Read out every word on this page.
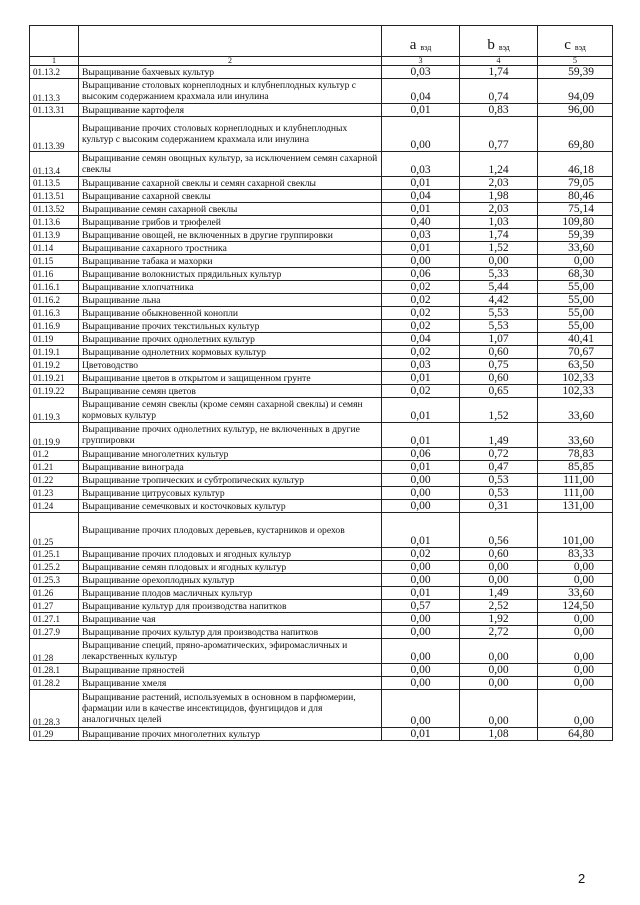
		a $_{вэд}$	b $_{вэд}$	c $_{вэд}$
1	2	3	4	5
01.13.2	Выращивание бахчевых культур	0,03	1,74	59,39
01.13.3	Выращивание столовых корнеплодных и клубнеплодных культур с высоким содержанием крахмала или инулина	0,04	0,74	94,09
01.13.31	Выращивание картофеля	0,01	0,83	96,00
01.13.39	Выращивание прочих столовых корнеплодных и клубнеплодных культур с высоким содержанием крахмала или инулина	0,00	0,77	69,80
01.13.4	Выращивание семян овощных культур, за исключением семян сахарной свеклы	0,03	1,24	46,18
01.13.5	Выращивание сахарной свеклы и семян сахарной свеклы	0,01	2,03	79,05
01.13.51	Выращивание сахарной свеклы	0,04	1,98	80,46
01.13.52	Выращивание семян сахарной свеклы	0,01	2,03	75,14
01.13.6	Выращивание грибов и трюфелей	0,40	1,03	109,80
01.13.9	Выращивание овощей, не включенных в другие группировки	0,03	1,74	59,39
01.14	Выращивание сахарного тростника	0,01	1,52	33,60
01.15	Выращивание табака и махорки	0,00	0,00	0,00
01.16	Выращивание волокнистых прядильных культур	0,06	5,33	68,30
01.16.1	Выращивание хлопчатника	0,02	5,44	55,00
01.16.2	Выращивание льна	0,02	4,42	55,00
01.16.3	Выращивание обыкновенной конопли	0,02	5,53	55,00
01.16.9	Выращивание прочих текстильных культур	0,02	5,53	55,00
01.19	Выращивание прочих однолетних культур	0,04	1,07	40,41
01.19.1	Выращивание однолетних кормовых культур	0,02	0,60	70,67
01.19.2	Цветоводство	0,03	0,75	63,50
01.19.21	Выращивание цветов в открытом и защищенном грунте	0,01	0,60	102,33
01.19.22	Выращивание семян цветов	0,02	0,65	102,33
01.19.3	Выращивание семян свеклы (кроме семян сахарной свеклы) и семян кормовых культур	0,01	1,52	33,60
01.19.9	Выращивание прочих однолетних культур, не включенных в другие группировки	0,01	1,49	33,60
01.2	Выращивание многолетних культур	0,06	0,72	78,83
01.21	Выращивание винограда	0,01	0,47	85,85
01.22	Выращивание тропических и субтропических культур	0,00	0,53	111,00
01.23	Выращивание цитрусовых культур	0,00	0,53	111,00
01.24	Выращивание семечковых и косточковых культур	0,00	0,31	131,00
01.25	Выращивание прочих плодовых деревьев, кустарников и орехов	0,01	0,56	101,00
01.25.1	Выращивание прочих плодовых и ягодных культур	0,02	0,60	83,33
01.25.2	Выращивание семян плодовых и ягодных культур	0,00	0,00	0,00
01.25.3	Выращивание орехоплодных культур	0,00	0,00	0,00
01.26	Выращивание плодов масличных культур	0,01	1,49	33,60
01.27	Выращивание культур для производства напитков	0,57	2,52	124,50
01.27.1	Выращивание чая	0,00	1,92	0,00
01.27.9	Выращивание прочих культур для производства напитков	0,00	2,72	0,00
01.28	Выращивание специй, пряно-ароматических, эфиромасличных и лекарственных культур	0,00	0,00	0,00
01.28.1	Выращивание пряностей	0,00	0,00	0,00
01.28.2	Выращивание хмеля	0,00	0,00	0,00
01.28.3	Выращивание растений, используемых в основном в парфюмерии, фармации или в качестве инсектицидов, фунгицидов и для аналогичных целей	0,00	0,00	0,00
01.29	Выращивание прочих многолетних культур	0,01	1,08	64,80
2
